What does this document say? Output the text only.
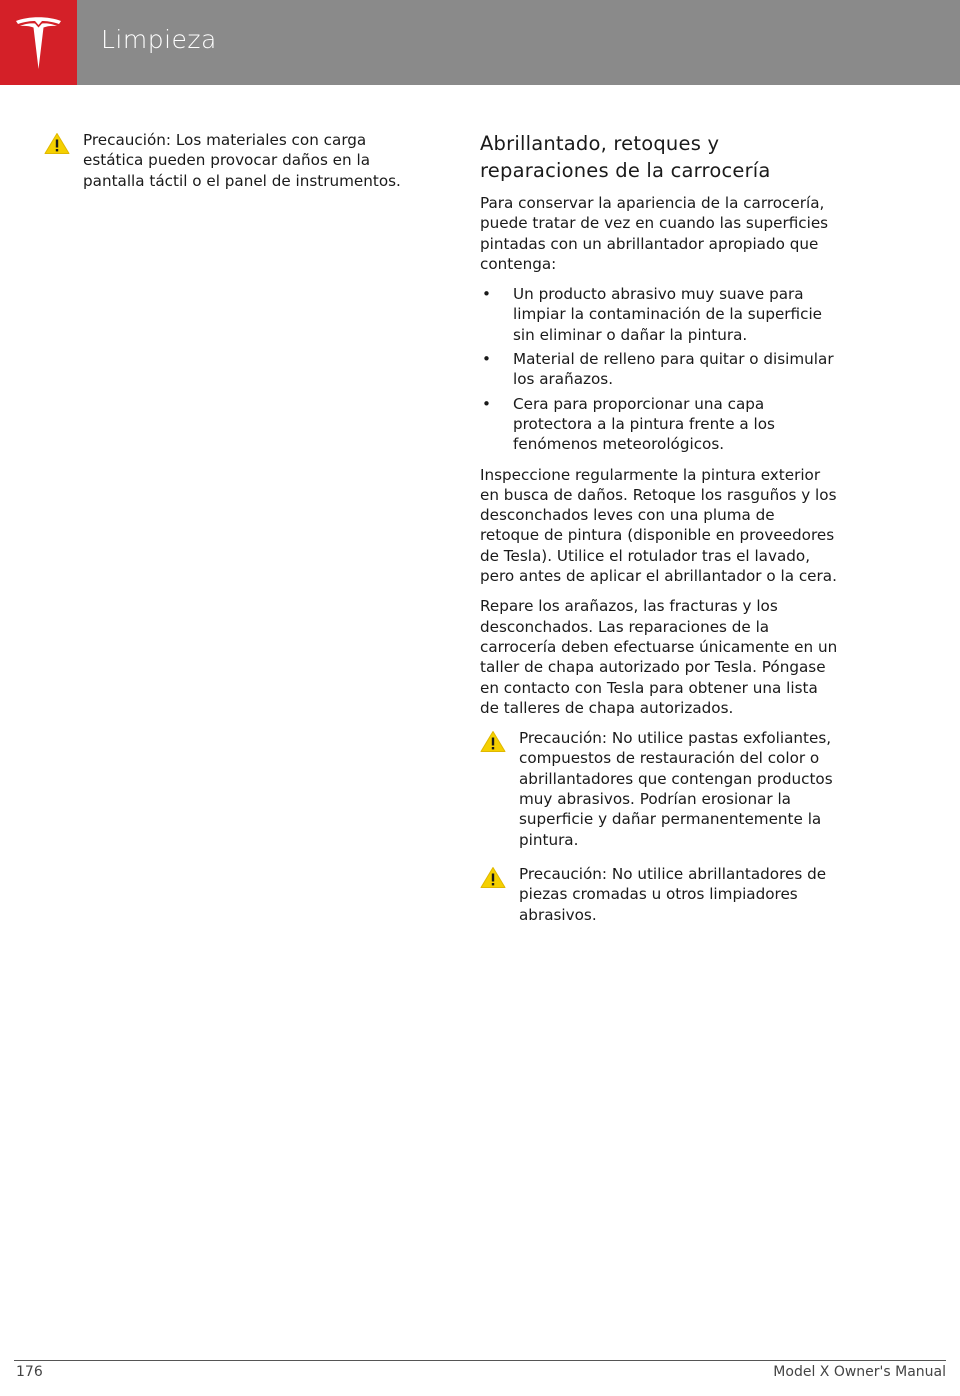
Limpieza
Precaución: Los materiales con carga
estática pueden provocar daños en la
pantalla táctil o el panel de instrumentos.
Abrillantado, retoques y
reparaciones de la carrocería

Para conservar la apariencia de la carrocería,
puede tratar de vez en cuando las superficies
pintadas con un abrillantador apropiado que
contenga:

• Un producto abrasivo muy suave para
limpiar la contaminación de la superficie
sin eliminar o dañar la pintura.
• Material de relleno para quitar o disimular
los arañazos.
• Cera para proporcionar una capa
protectora a la pintura frente a los
fenómenos meteorológicos.

Inspeccione regularmente la pintura exterior
en busca de daños. Retoque los rasguños y los
desconchados leves con una pluma de
retoque de pintura (disponible en proveedores
de Tesla). Utilice el rotulador tras el lavado,
pero antes de aplicar el abrillantador o la cera.

Repare los arañazos, las fracturas y los
desconchados. Las reparaciones de la
carrocería deben efectuarse únicamente en un
taller de chapa autorizado por Tesla. Póngase
en contacto con Tesla para obtener una lista
de talleres de chapa autorizados.

Precaución: No utilice pastas exfoliantes,
compuestos de restauración del color o
abrillantadores que contengan productos
muy abrasivos. Podrían erosionar la
superficie y dañar permanentemente la
pintura.
Precaución: No utilice abrillantadores de
piezas cromadas u otros limpiadores
abrasivos.
176	Model X Owner's Manual
